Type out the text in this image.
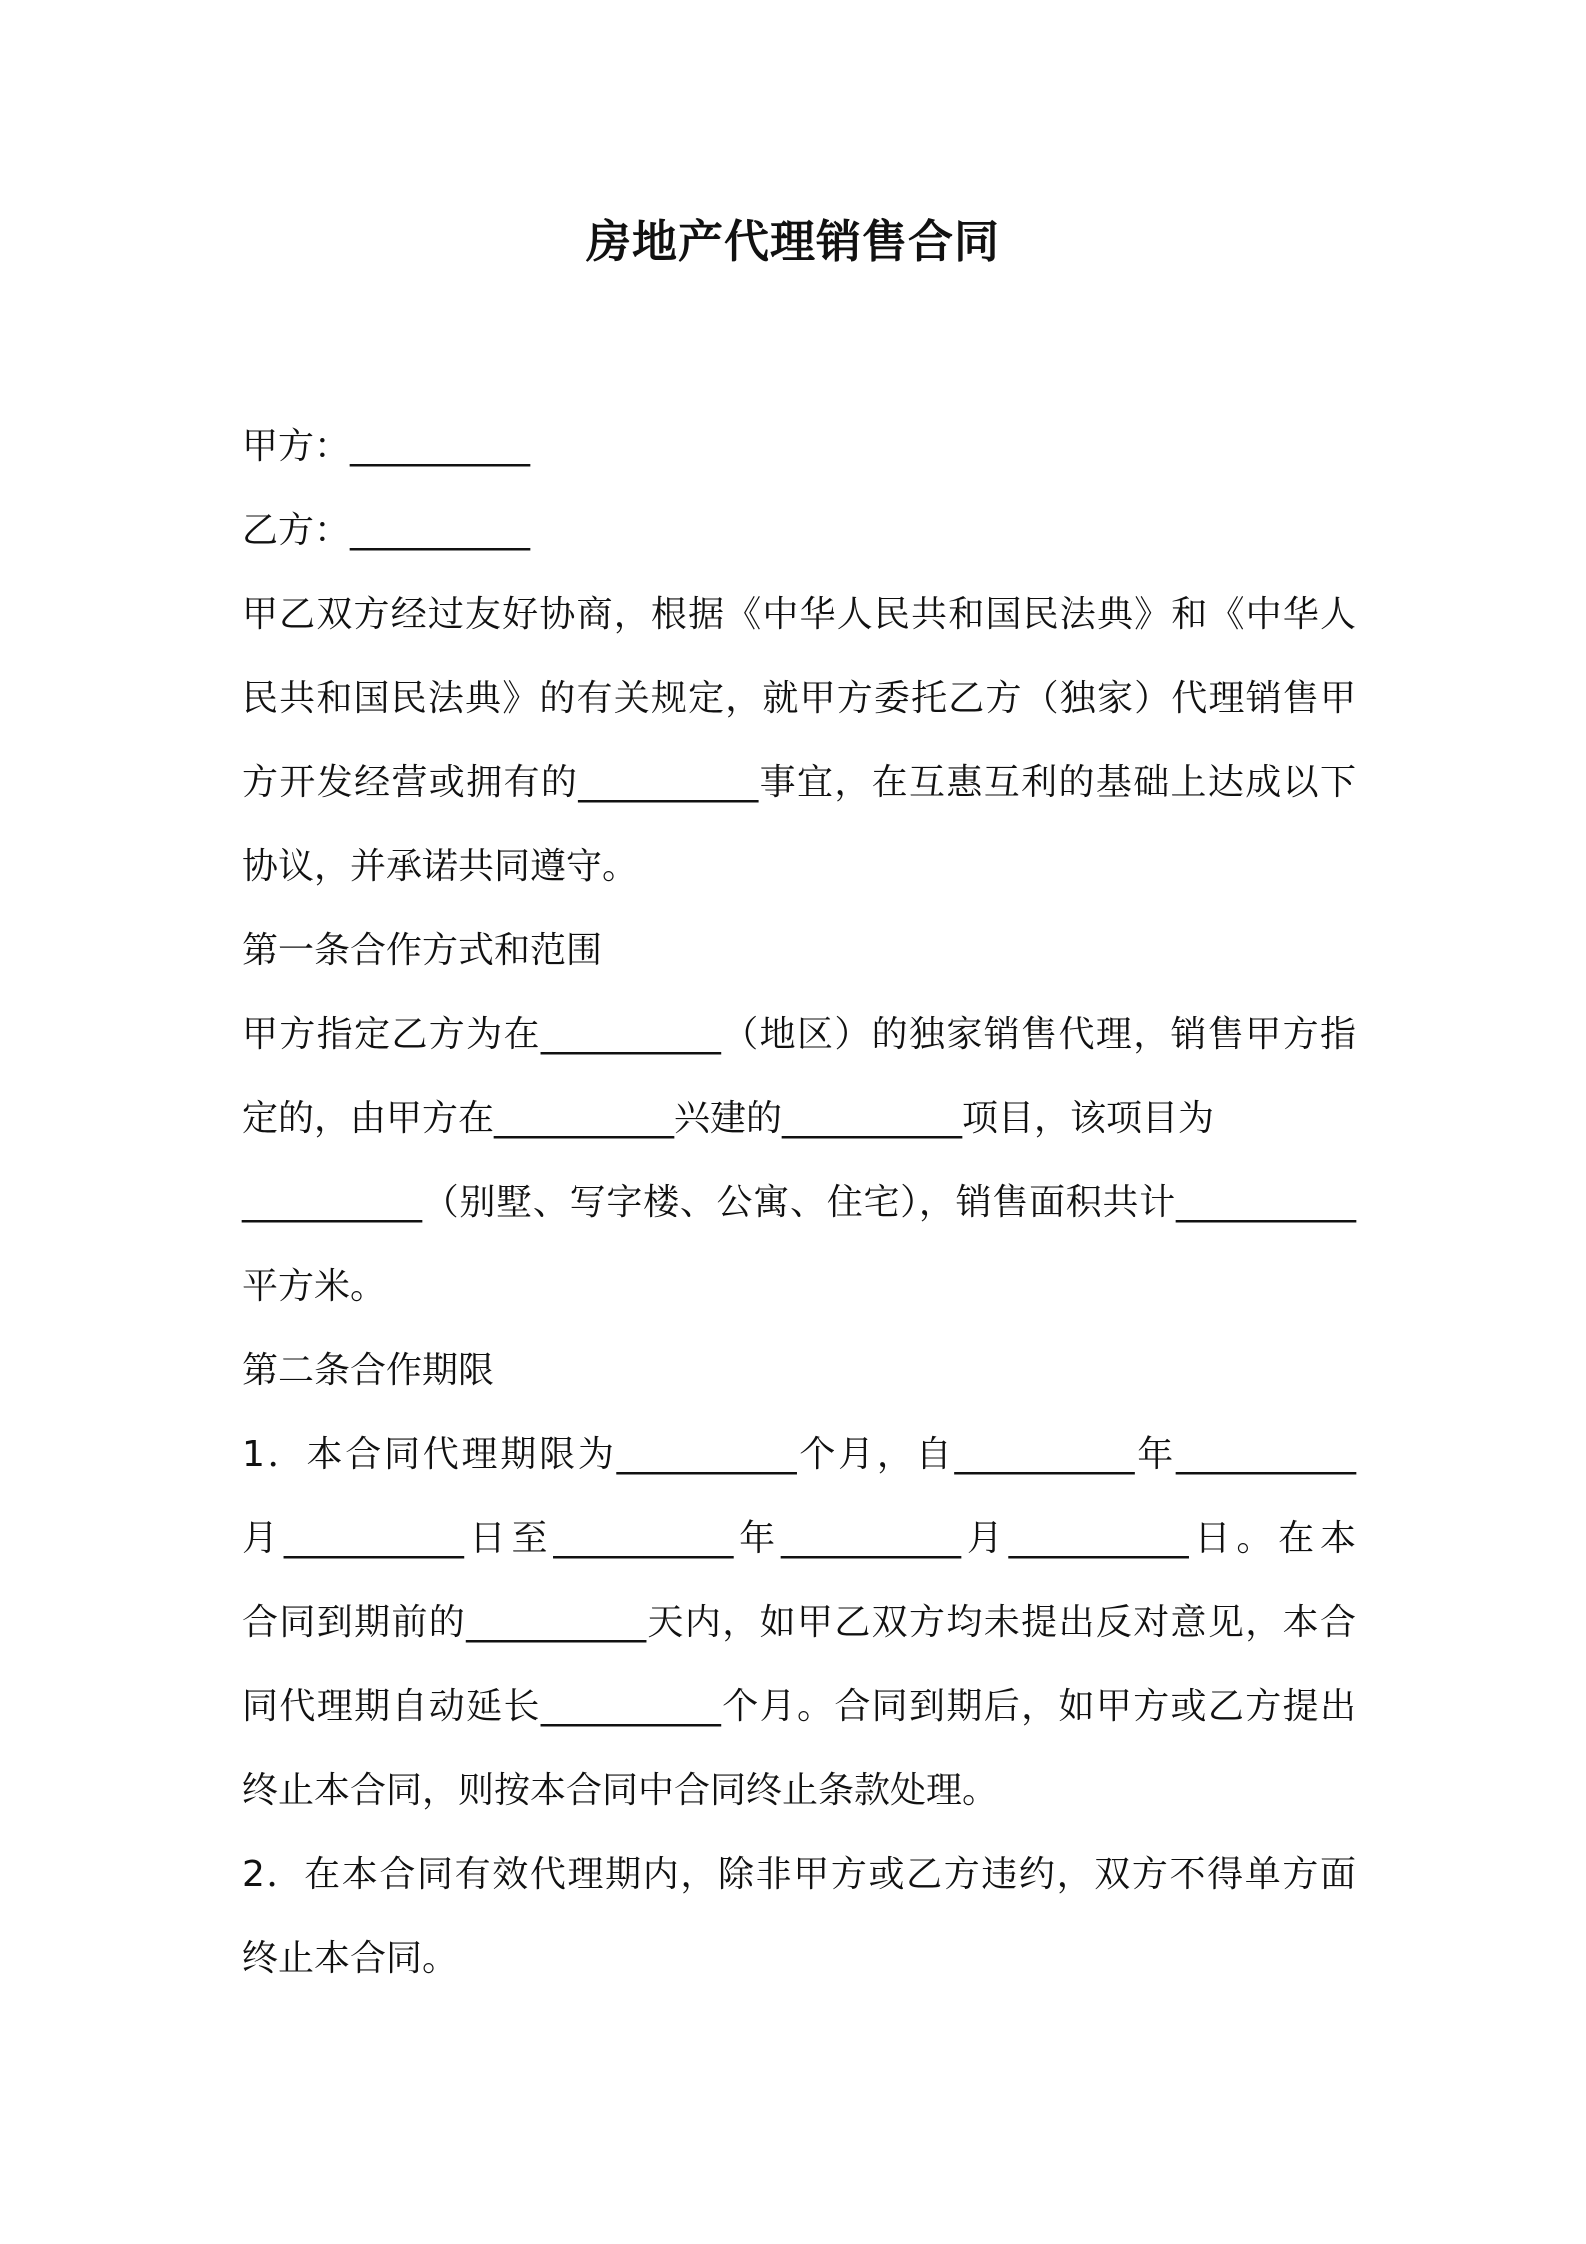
房地产代理销售合同
甲方：__________
乙方：__________
甲乙双方经过友好协商，根据《中华人民共和国民法典》和《中华人
民共和国民法典》的有关规定，就甲方委托乙方（独家）代理销售甲
方开发经营或拥有的__________事宜，在互惠互利的基础上达成以下
协议，并承诺共同遵守。
第一条合作方式和范围
甲方指定乙方为在__________（地区）的独家销售代理，销售甲方指
定的，由甲方在__________兴建的__________项目，该项目为
__________（别墅、写字楼、公寓、住宅），销售面积共计__________
平方米。
第二条合作期限
1．本合同代理期限为__________个月，自__________年__________
月__________日至__________年__________月__________日。在本
合同到期前的__________天内，如甲乙双方均未提出反对意见，本合
同代理期自动延长__________个月。合同到期后，如甲方或乙方提出
终止本合同，则按本合同中合同终止条款处理。
2．在本合同有效代理期内，除非甲方或乙方违约，双方不得单方面
终止本合同。
